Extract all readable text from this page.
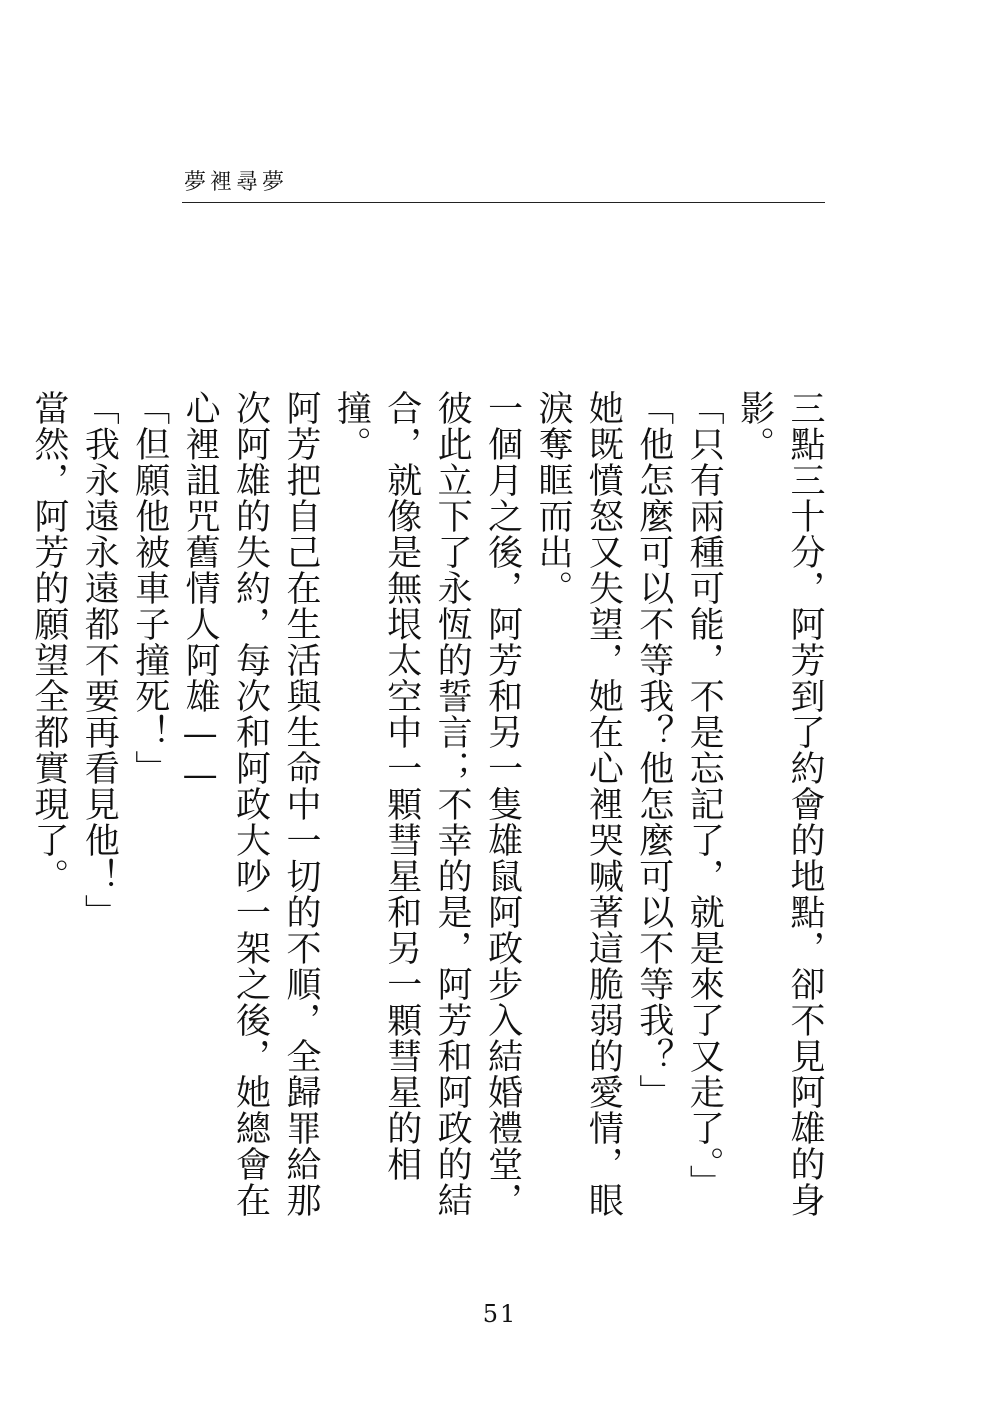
夢裡尋夢

三點三十分，阿芳到了約會的地點，卻不見阿雄的身影。

「只有兩種可能，不是忘記了，就是來了又走了。」

「他怎麼可以不等我？他怎麼可以不等我？」

她既憤怒又失望，她在心裡哭喊著這脆弱的愛情，眼淚奪眶而出。

一個月之後，阿芳和另一隻雄鼠阿政步入結婚禮堂，彼此立下了永恆的誓言；不幸的是，阿芳和阿政的結合，就像是無垠太空中一顆彗星和另一顆彗星的相撞。

阿芳把自己在生活與生命中一切的不順，全歸罪給那次阿雄的失約，每次和阿政大吵一架之後，她總會在心裡詛咒舊情人阿雄——

「但願他被車子撞死！」

「我永遠永遠都不要再看見他！」

當然，阿芳的願望全都實現了。

51
